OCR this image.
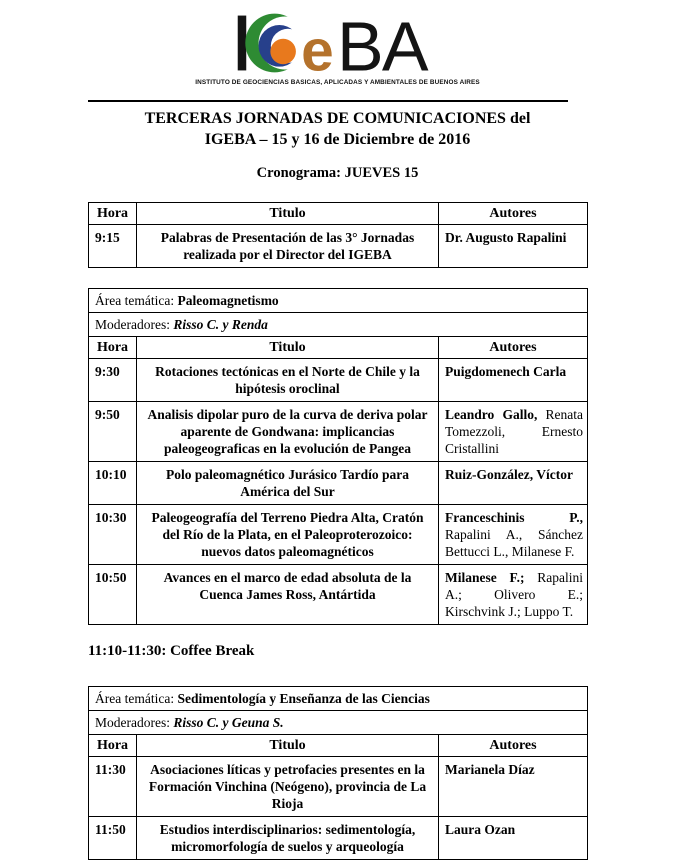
e BA
INSTITUTO DE GEOCIENCIAS BASICAS, APLICADAS Y AMBIENTALES DE BUENOS AIRES
TERCERAS JORNADAS DE COMUNICACIONES del
IGEBA – 15 y 16 de Diciembre de 2016
Cronograma: JUEVES 15
Hora	Titulo	Autores
9:15	Palabras de Presentación de las 3° Jornadas realizada por el Director del IGEBA	Dr. Augusto Rapalini
Área temática: Paleomagnetismo		
Moderadores: Risso C. y Renda		
Hora	Titulo	Autores
9:30	Rotaciones tectónicas en el Norte de Chile y la hipótesis oroclinal	Puigdomenech Carla
9:50	Analisis dipolar puro de la curva de deriva polar aparente de Gondwana: implicancias paleogeograficas en la evolución de Pangea	Leandro Gallo, Renata Tomezzoli, Ernesto Cristallini
10:10	Polo paleomagnético Jurásico Tardío para América del Sur	Ruiz-González, Víctor
10:30	Paleogeografía del Terreno Piedra Alta, Cratón del Río de la Plata, en el Paleoproterozoico: nuevos datos paleomagnéticos	Franceschinis P., Rapalini A., Sánchez Bettucci L., Milanese F.
10:50	Avances en el marco de edad absoluta de la Cuenca James Ross, Antártida	Milanese F.; Rapalini A.; Olivero E.; Kirschvink J.; Luppo T.
11:10-11:30: Coffee Break
Área temática: Sedimentología y Enseñanza de las Ciencias		
Moderadores: Risso C. y Geuna S.		
Hora	Titulo	Autores
11:30	Asociaciones líticas y petrofacies presentes en la Formación Vinchina (Neógeno), provincia de La Rioja	Marianela Díaz
11:50	Estudios interdisciplinarios: sedimentología, micromorfología de suelos y arqueología	Laura Ozan
